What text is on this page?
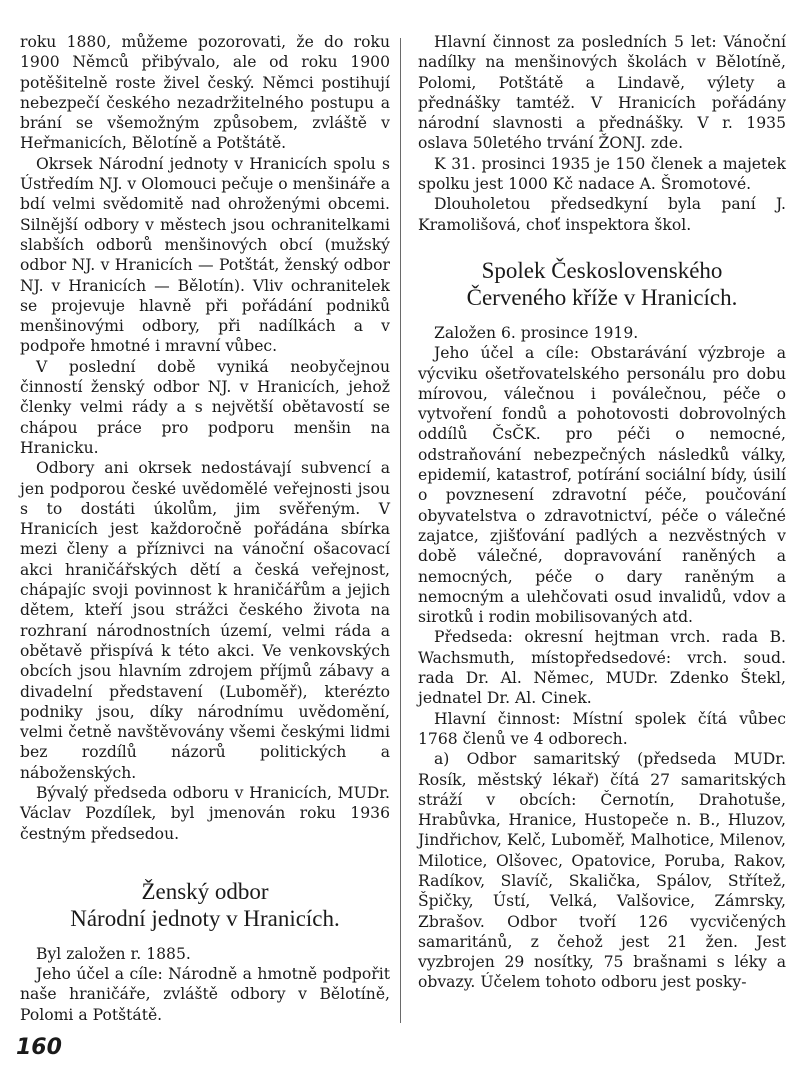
roku 1880, můžeme pozorovati, že do roku 1900 Němců přibývalo, ale od roku 1900 potěšitelně roste živel český. Němci postihují nebezpečí českého nezadržitelného postupu a brání se všemožným způsobem, zvláště v Heřmanicích, Bělotíně a Potštátě.

Okrsek Národní jednoty v Hranicích spolu s Ústředím NJ. v Olomouci pečuje o menšináře a bdí velmi svědomitě nad ohroženými obcemi. Silnější odbory v městech jsou ochranitelkami slabších odborů menšinových obcí (mužský odbor NJ. v Hranicích — Potštát, ženský odbor NJ. v Hranicích — Bělotín). Vliv ochranitelek se projevuje hlavně při pořádání podniků menšinovými odbory, při nadílkách a v podpoře hmotné i mravní vůbec.

V poslední době vyniká neobyčejnou činností ženský odbor NJ. v Hranicích, jehož členky velmi rády a s největší obětavostí se chápou práce pro podporu menšin na Hranicku.

Odbory ani okrsek nedostávají subvencí a jen podporou české uvědomělé veřejnosti jsou s to dostáti úkolům, jim svěřeným. V Hranicích jest každoročně pořádána sbírka mezi členy a příznivci na vánoční ošacovací akci hraničářských dětí a česká veřejnost, chápajíc svoji povinnost k hraničářům a jejich dětem, kteří jsou strážci českého života na rozhraní národnostních území, velmi ráda a obětavě přispívá k této akci. Ve venkovských obcích jsou hlavním zdrojem příjmů zábavy a divadelní představení (Luboměř), kterézto podniky jsou, díky národnímu uvědomění, velmi četně navštěvovány všemi českými lidmi bez rozdílů názorů politických a náboženských.

Bývalý předseda odboru v Hranicích, MUDr. Václav Pozdílek, byl jmenován roku 1936 čestným předsedou.

Ženský odbor
Národní jednoty v Hranicích.

Byl založen r. 1885.

Jeho účel a cíle: Národně a hmotně podpořit naše hraničáře, zvláště odbory v Bělotíně, Polomi a Potštátě.

Hlavní činnost za posledních 5 let: Vánoční nadílky na menšinových školách v Bělotíně, Polomi, Potštátě a Lindavě, výlety a přednášky tamtéž. V Hranicích pořádány národní slavnosti a přednášky. V r. 1935 oslava 50letého trvání ŽONJ. zde.

K 31. prosinci 1935 je 150 členek a majetek spolku jest 1000 Kč nadace A. Šromotové.

Dlouholetou předsedkyní byla paní J. Kramolišová, choť inspektora škol.

Spolek Československého
Červeného kříže v Hranicích.

Založen 6. prosince 1919.

Jeho účel a cíle: Obstarávání výzbroje a výcviku ošetřovatelského personálu pro dobu mírovou, válečnou i poválečnou, péče o vytvoření fondů a pohotovosti dobrovolných oddílů ČsČK. pro péči o nemocné, odstraňování nebezpečných následků války, epidemií, katastrof, potírání sociální bídy, úsilí o povznesení zdravotní péče, poučování obyvatelstva o zdravotnictví, péče o válečné zajatce, zjišťování padlých a nezvěstných v době válečné, dopravování raněných a nemocných, péče o dary raněným a nemocným a ulehčovati osud invalidů, vdov a sirotků i rodin mobilisovaných atd.

Předseda: okresní hejtman vrch. rada B. Wachsmuth, místopředsedové: vrch. soud. rada Dr. Al. Němec, MUDr. Zdenko Štekl, jednatel Dr. Al. Cinek.

Hlavní činnost: Místní spolek čítá vůbec 1768 členů ve 4 odborech.

a) Odbor samaritský (předseda MUDr. Rosík, městský lékař) čítá 27 samaritských stráží v obcích: Černotín, Drahotuše, Hrabůvka, Hranice, Hustopeče n. B., Hluzov, Jindřichov, Kelč, Luboměř, Malhotice, Milenov, Milotice, Olšovec, Opatovice, Poruba, Rakov, Radíkov, Slavíč, Skalička, Spálov, Střítež, Špičky, Ústí, Velká, Valšovice, Zámrsky, Zbrašov. Odbor tvoří 126 vycvičených samaritánů, z čehož jest 21 žen. Jest vyzbrojen 29 nosítky, 75 brašnami s léky a obvazy. Účelem tohoto odboru jest posky-

160
